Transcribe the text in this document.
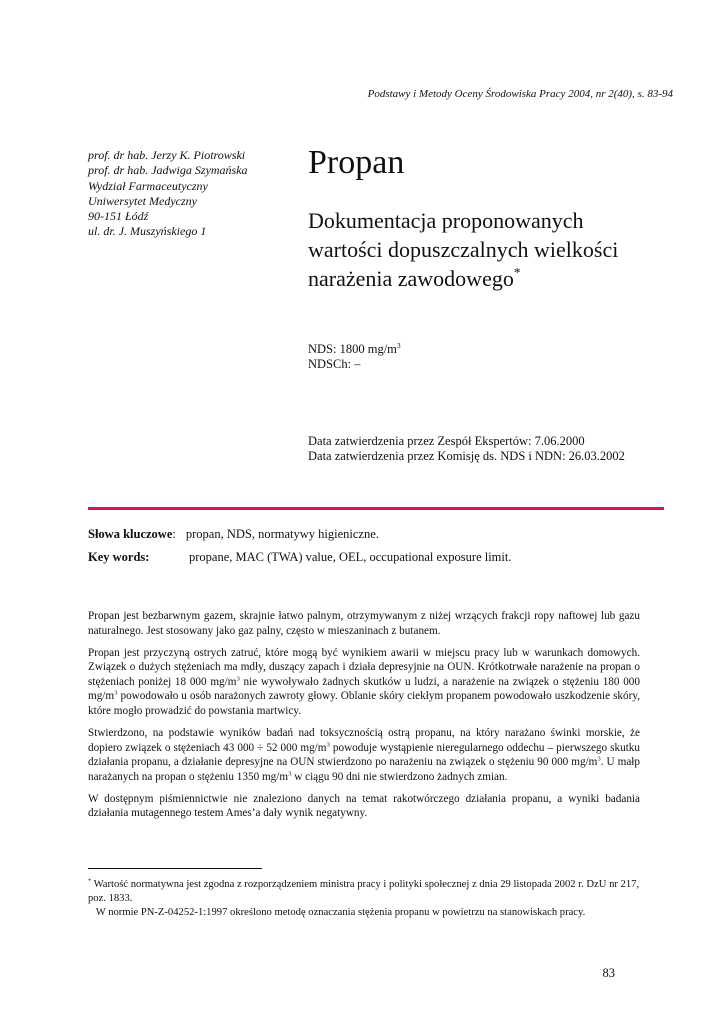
Podstawy i Metody Oceny Środowiska Pracy 2004, nr 2(40), s. 83-94
prof. dr hab. Jerzy K. Piotrowski
prof. dr hab. Jadwiga Szymańska
Wydział Farmaceutyczny
Uniwersytet Medyczny
90-151 Łódź
ul. dr. J. Muszyńskiego 1
Propan
Dokumentacja proponowanych
wartości dopuszczalnych wielkości
narażenia zawodowego*
NDS: 1800 $mg/m^3$
NDSCh: –
Data zatwierdzenia przez Zespół Ekspertów: 7.06.2000
Data zatwierdzenia przez Komisję ds. NDS i NDN: 26.03.2002
Słowa kluczowe: propan, NDS, normatywy higieniczne.
Key words:	propane, MAC (TWA) value, OEL, occupational exposure limit.

Propan jest bezbarwnym gazem, skrajnie łatwo palnym, otrzymywanym z niżej wrzących frakcji ropy naftowej lub gazu naturalnego. Jest stosowany jako gaz palny, często w mieszaninach z butanem.

Propan jest przyczyną ostrych zatruć, które mogą być wynikiem awarii w miejscu pracy lub w warunkach domowych. Związek o dużych stężeniach ma mdły, duszący zapach i działa depresyjnie na OUN. Krótkotrwałe narażenie na propan o stężeniach poniżej 18 000 $mg/m^3$ nie wywoływało żadnych skutków u ludzi, a narażenie na związek o stężeniu 180 000 $mg/m^3$ powodowało u osób narażonych zawroty głowy. Oblanie skóry ciekłym propanem powodowało uszkodzenie skóry, które mogło prowadzić do powstania martwicy.

Stwierdzono, na podstawie wyników badań nad toksycznością ostrą propanu, na który narażano świnki morskie, że dopiero związek o stężeniach 43 000 ÷ 52 000 $mg/m^3$ powoduje wystąpienie nieregularnego oddechu – pierwszego skutku działania propanu, a działanie depresyjne na OUN stwierdzono po narażeniu na związek o stężeniu 90 000 $mg/m^3$. U małp narażanych na propan o stężeniu 1350 $mg/m^3$ w ciągu 90 dni nie stwierdzono żadnych zmian.

W dostępnym piśmiennictwie nie znaleziono danych na temat rakotwórczego działania propanu, a wyniki badania działania mutagennego testem Ames’a dały wynik negatywny.

* Wartość normatywna jest zgodna z rozporządzeniem ministra pracy i polityki społecznej z dnia 29 listopada 2002 r. DzU nr 217, poz. 1833.

W normie PN-Z-04252-1:1997 określono metodę oznaczania stężenia propanu w powietrzu na stanowiskach pracy.

83
